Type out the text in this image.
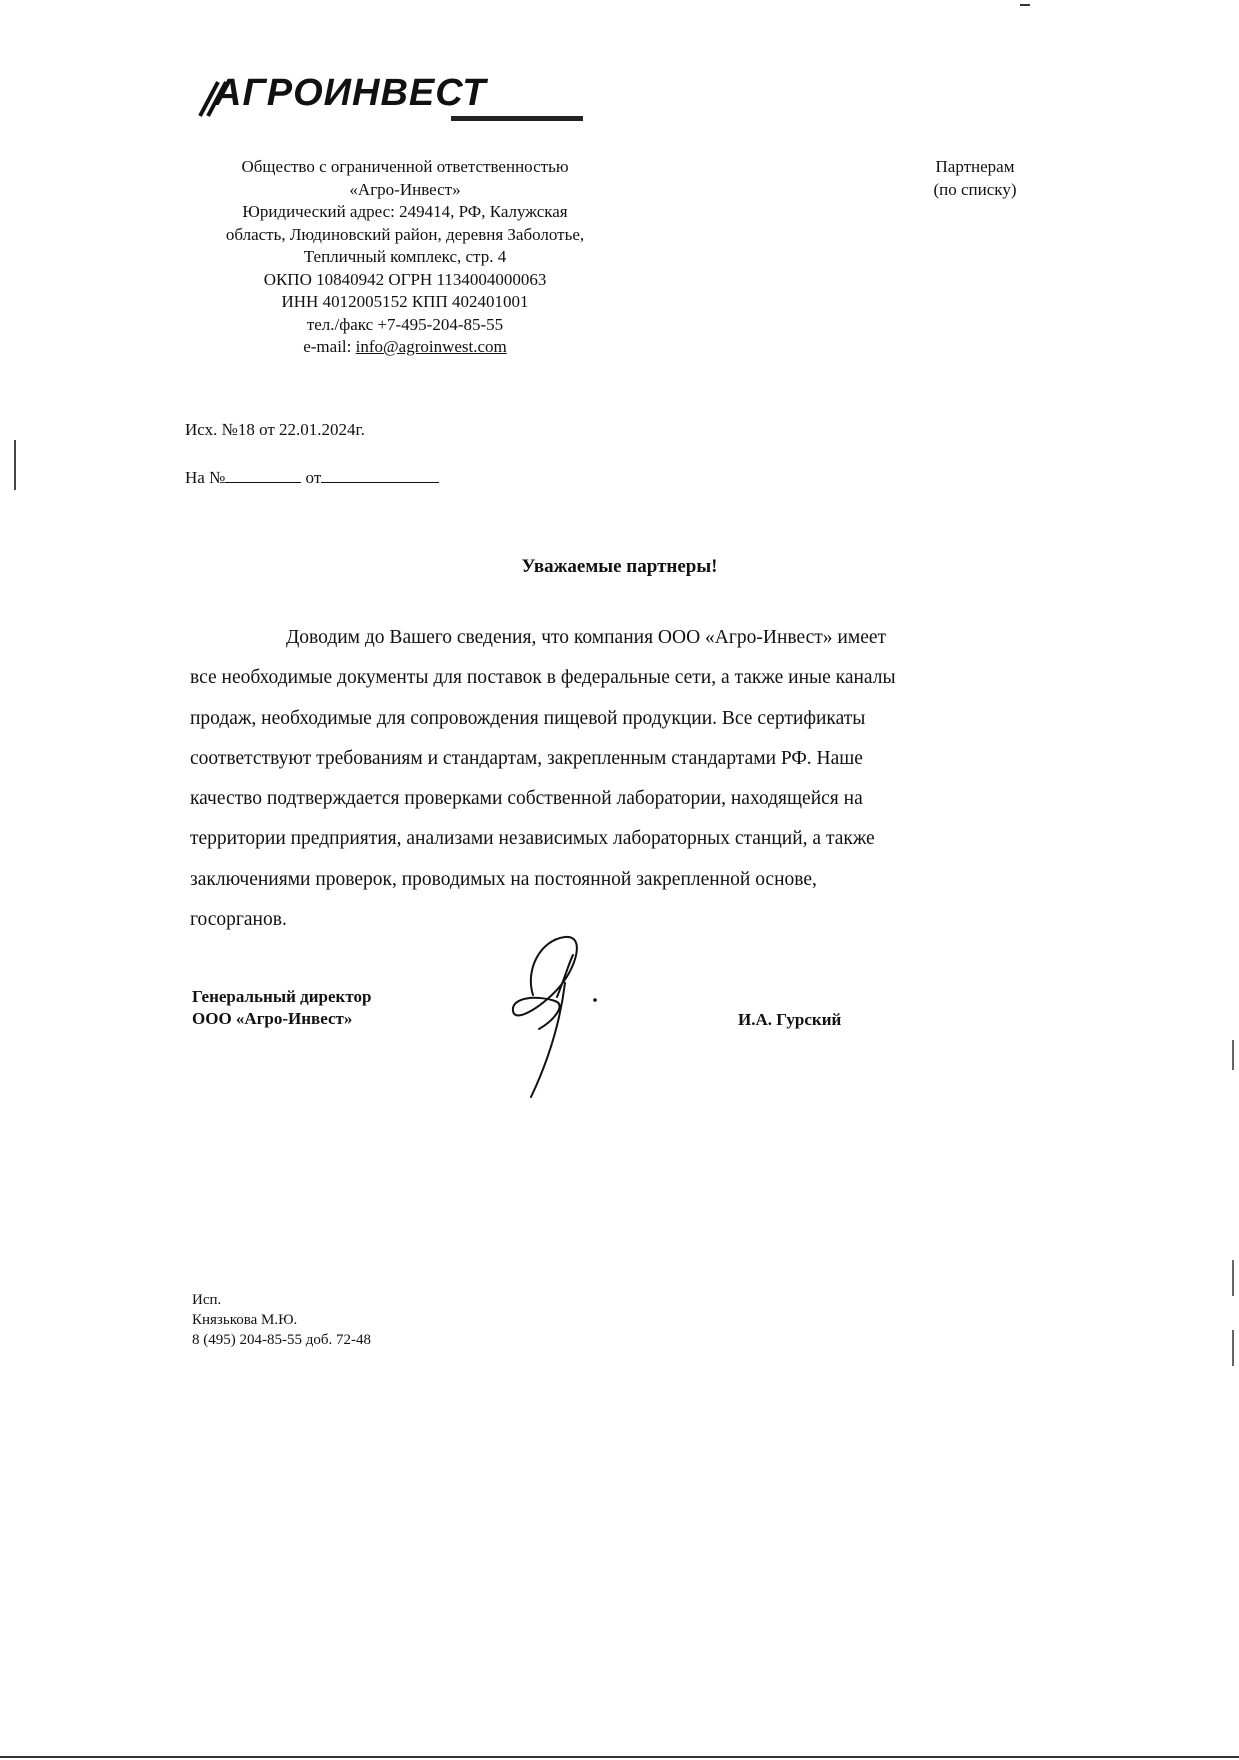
АГРОИНВЕСТ
Общество с ограниченной ответственностью
«Агро-Инвест»
Юридический адрес: 249414, РФ, Калужская
область, Людиновский район, деревня Заболотье,
Тепличный комплекс, стр. 4
ОКПО 10840942 ОГРН 1134004000063
ИНН 4012005152 КПП 402401001
тел./факс +7-495-204-85-55
e-mail: info@agroinwest.com
Партнерам
(по списку)
Исх. №18 от 22.01.2024г.
На №	от
Уважаемые партнеры!
Доводим до Вашего сведения, что компания ООО «Агро-Инвест» имеет
все необходимые документы для поставок в федеральные сети, а также иные каналы
продаж, необходимые для сопровождения пищевой продукции. Все сертификаты
соответствуют требованиям и стандартам, закрепленным стандартами РФ. Наше
качество подтверждается проверками собственной лаборатории, находящейся на
территории предприятия, анализами независимых лабораторных станций, а также
заключениями проверок, проводимых на постоянной закрепленной основе,
госорганов.
Генеральный директор
ООО «Агро-Инвест»	И.А. Гурский
Исп.
Князькова М.Ю.
8 (495) 204-85-55 доб. 72-48
